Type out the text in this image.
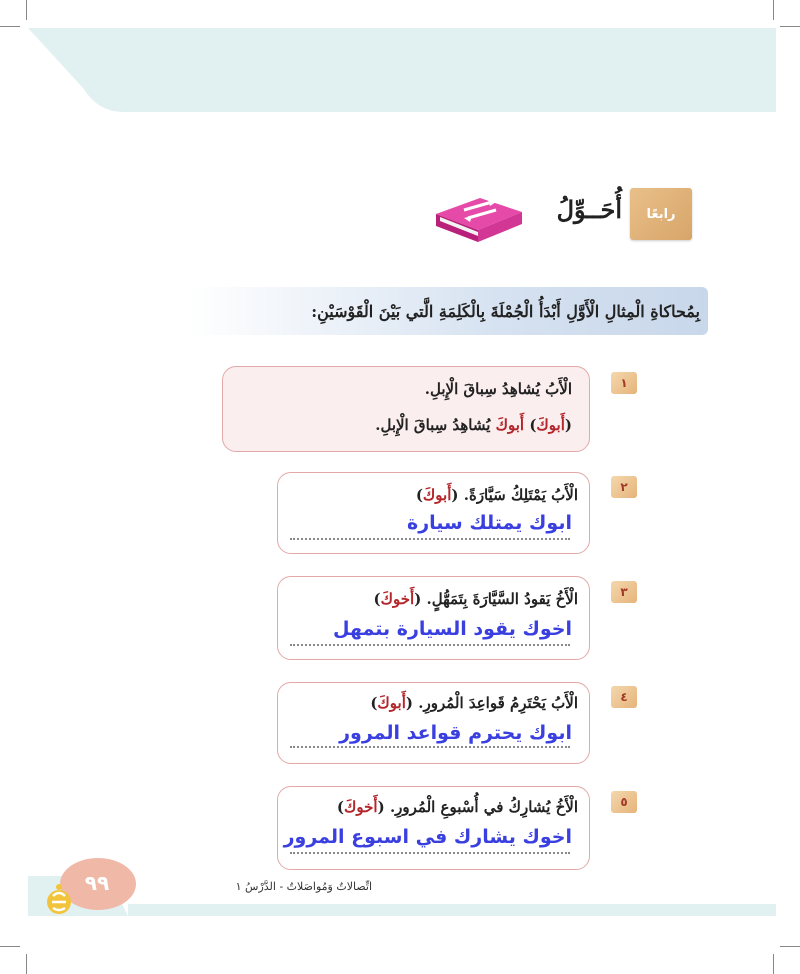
رابعًا
أُحَــوِّلُ
بِمُحاكاةِ الْمِثالِ الْأَوَّلِ أَبْدَأُ الْجُمْلَةَ بِالْكَلِمَةِ الَّتي بَيْنَ الْقَوْسَيْنِ:
١
الْأَبُ يُشاهِدُ سِباقَ الْإِبلِ.
(أَبوكَ) أَبوكَ يُشاهِدُ سِباقَ الْإِبلِ.
٢
الْأَبُ يَمْتَلِكُ سَيَّارَةً. (أَبوكَ)
ابوك يمتلك سيارة
٣
الْأَخُ يَقودُ السَّيَّارَةَ بِتَمَهُّلٍ. (أَخوكَ)
اخوك يقود السيارة بتمهل
٤
الْأَبُ يَحْتَرِمُ قَواعِدَ الْمُرورِ. (أَبوكَ)
ابوك يحترم قواعد المرور
٥
الْأَخُ يُشارِكُ في أُسْبوعِ الْمُرورِ. (أَخوكَ)
اخوك يشارك في اسبوع المرور
٩٩	اتِّصالاتٌ وَمُواصَلاتٌ - الدَّرْسُ ١
